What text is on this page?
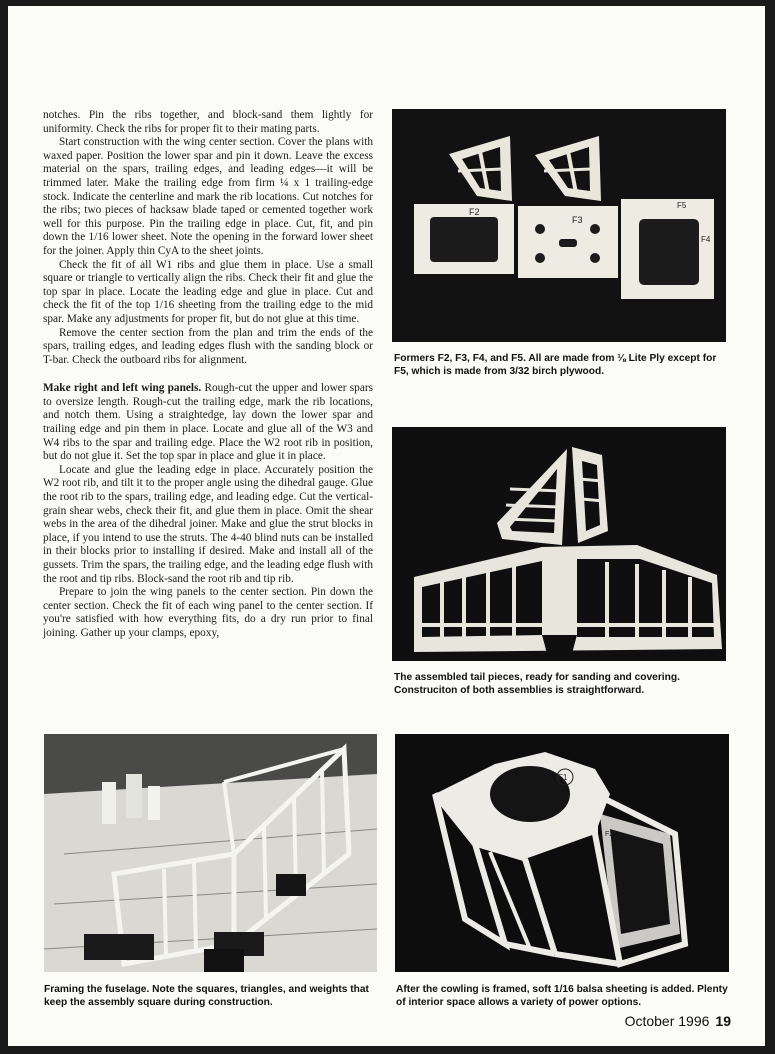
notches. Pin the ribs together, and block-sand them lightly for uniformity. Check the ribs for proper fit to their mating parts.

Start construction with the wing center section. Cover the plans with waxed paper. Position the lower spar and pin it down. Leave the excess material on the spars, trailing edges, and leading edges—it will be trimmed later. Make the trailing edge from firm ¼ x 1 trailing-edge stock. Indicate the centerline and mark the rib locations. Cut notches for the ribs; two pieces of hacksaw blade taped or cemented together work well for this purpose. Pin the trailing edge in place. Cut, fit, and pin down the 1/16 lower sheet. Note the opening in the forward lower sheet for the joiner. Apply thin CyA to the sheet joints.

Check the fit of all W1 ribs and glue them in place. Use a small square or triangle to vertically align the ribs. Check their fit and glue the top spar in place. Locate the leading edge and glue in place. Cut and check the fit of the top 1/16 sheeting from the trailing edge to the mid spar. Make any adjustments for proper fit, but do not glue at this time.

Remove the center section from the plan and trim the ends of the spars, trailing edges, and leading edges flush with the sanding block or T-bar. Check the outboard ribs for alignment.

Make right and left wing panels. Rough-cut the upper and lower spars to oversize length. Rough-cut the trailing edge, mark the rib locations, and notch them. Using a straightedge, lay down the lower spar and trailing edge and pin them in place. Locate and glue all of the W3 and W4 ribs to the spar and trailing edge. Place the W2 root rib in position, but do not glue it. Set the top spar in place and glue it in place.

Locate and glue the leading edge in place. Accurately position the W2 root rib, and tilt it to the proper angle using the dihedral gauge. Glue the root rib to the spars, trailing edge, and leading edge. Cut the vertical-grain shear webs, check their fit, and glue them in place. Omit the shear webs in the area of the dihedral joiner. Make and glue the strut blocks in place, if you intend to use the struts. The 4-40 blind nuts can be installed in their blocks prior to installing if desired. Make and install all of the gussets. Trim the spars, the trailing edge, and the leading edge flush with the root and tip ribs. Block-sand the root rib and tip rib.

Prepare to join the wing panels to the center section. Pin down the center section. Check the fit of each wing panel to the center section. If you're satisfied with how everything fits, do a dry run prior to final joining. Gather up your clamps, epoxy,

F2
F3
F5
F4
Formers F2, F3, F4, and F5. All are made from ⅛ Lite Ply except for F5, which is made from 3/32 birch plywood.
The assembled tail pieces, ready for sanding and covering. Construciton of both assemblies is straightforward.
Framing the fuselage. Note the squares, triangles, and weights that keep the assembly square during construction.
F1
F2
After the cowling is framed, soft 1/16 balsa sheeting is added. Plenty of interior space allows a variety of power options.
October 1996 19
